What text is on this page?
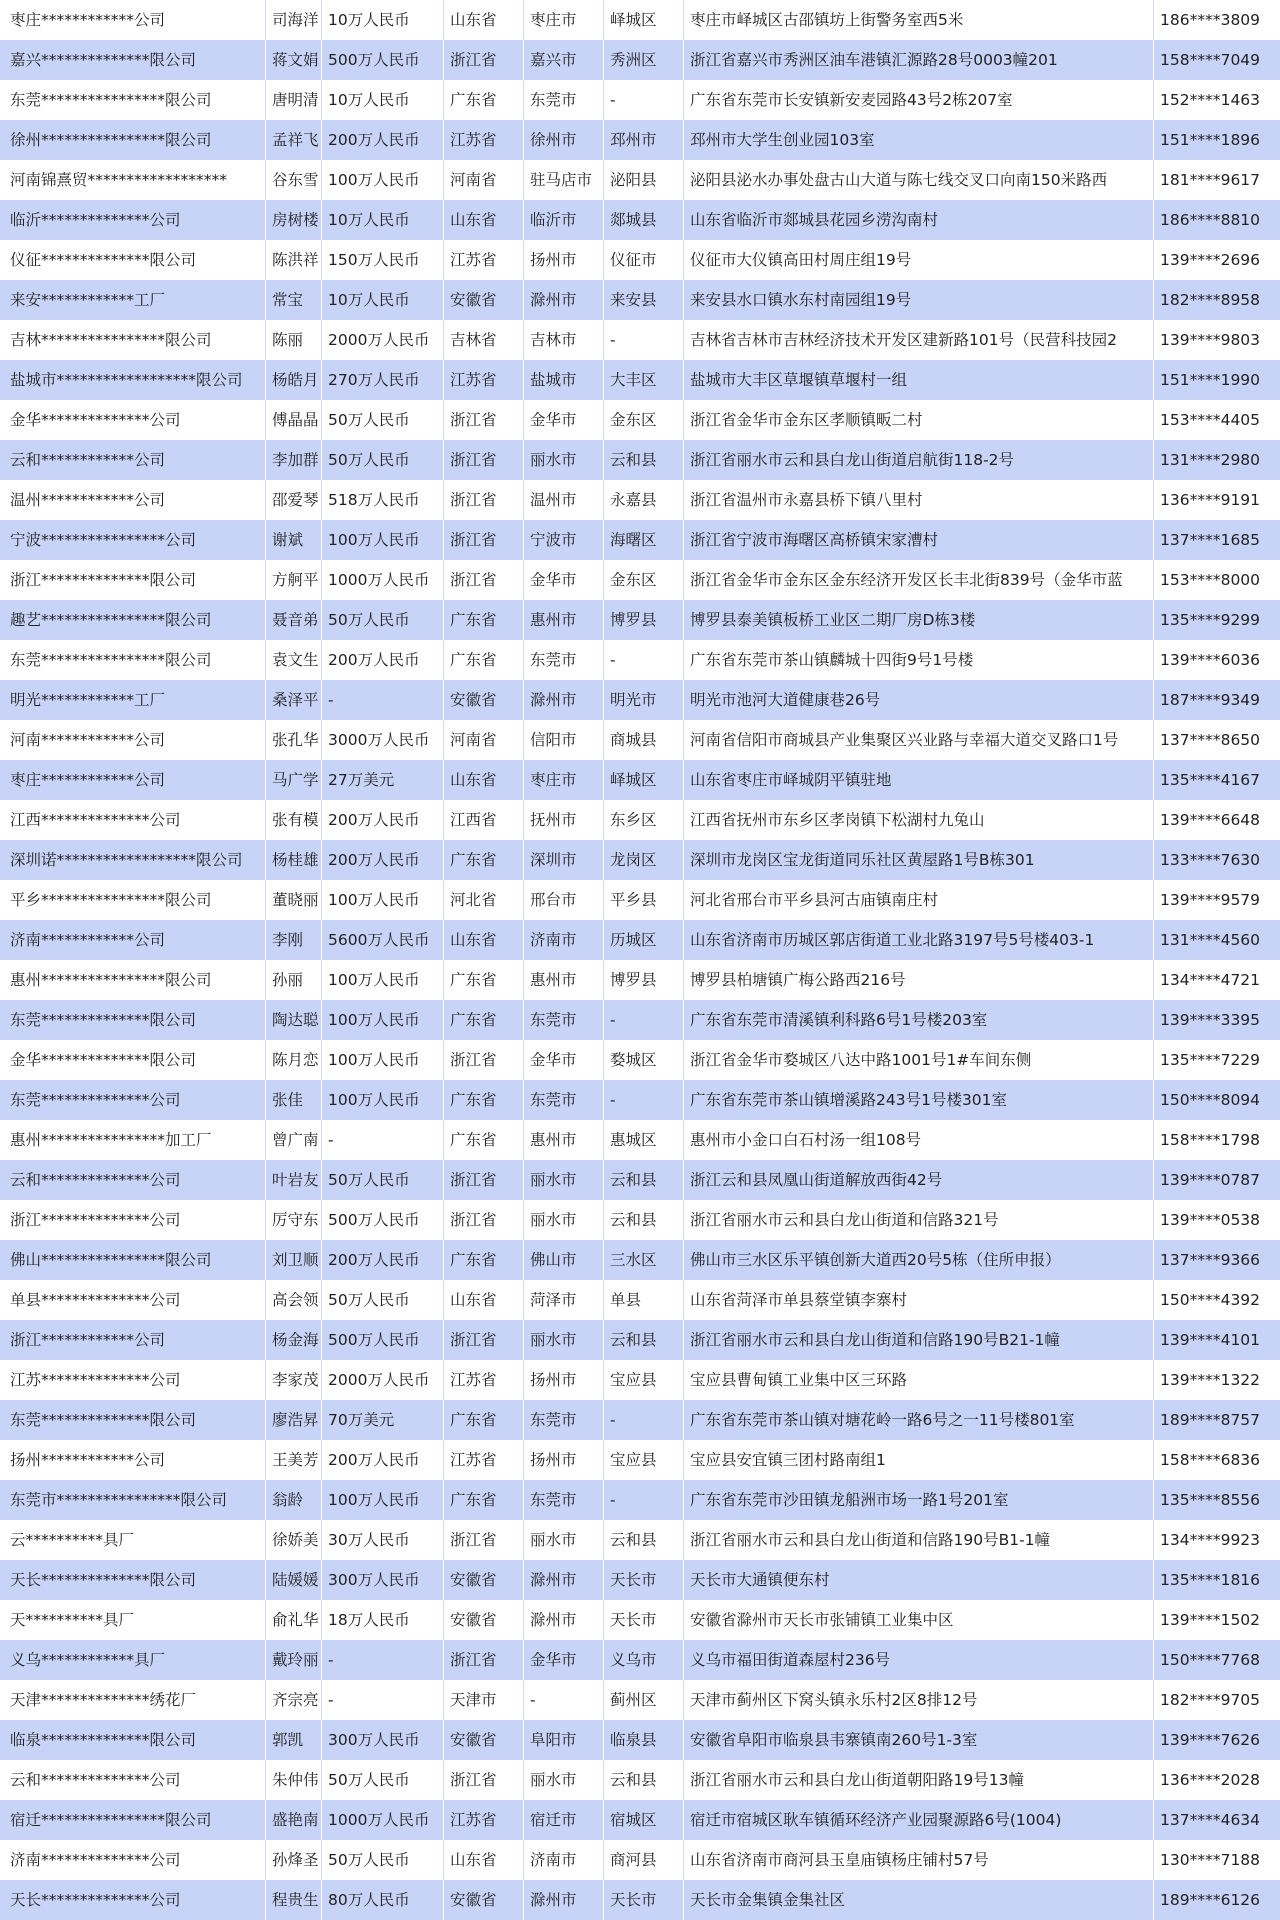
枣庄************公司	司海洋 10万人民币	山东省	枣庄市	峄城区	枣庄市峄城区古邵镇坊上街警务室西5米	186****3809
嘉兴**************限公司	蒋文娟 500万人民币	浙江省	嘉兴市	秀洲区	浙江省嘉兴市秀洲区油车港镇汇源路28号0003幢201	158****7049
东莞****************限公司	唐明清 10万人民币	广东省	东莞市	-	广东省东莞市长安镇新安麦园路43号2栋207室	152****1463
徐州****************限公司	孟祥飞 200万人民币	江苏省	徐州市	邳州市	邳州市大学生创业园103室	151****1896
河南锦熹贸******************	谷东雪 100万人民币	河南省	驻马店市	泌阳县	泌阳县泌水办事处盘古山大道与陈七线交叉口向南150米路西	181****9617
临沂**************公司	房树楼 10万人民币	山东省	临沂市	郯城县	山东省临沂市郯城县花园乡涝沟南村	186****8810
仪征**************限公司	陈洪祥 150万人民币	江苏省	扬州市	仪征市	仪征市大仪镇高田村周庄组19号	139****2696
来安************工厂	常宝	10万人民币	安徽省	滁州市	来安县	来安县水口镇水东村南园组19号	182****8958
吉林****************限公司	陈丽	2000万人民币	吉林省	吉林市	-	吉林省吉林市吉林经济技术开发区建新路101号（民营科技园2	139****9803
盐城市******************限公司	杨皓月 270万人民币	江苏省	盐城市	大丰区	盐城市大丰区草堰镇草堰村一组	151****1990
金华**************公司	傅晶晶 50万人民币	浙江省	金华市	金东区	浙江省金华市金东区孝顺镇畈二村	153****4405
云和************公司	李加群 50万人民币	浙江省	丽水市	云和县	浙江省丽水市云和县白龙山街道启航街118-2号	131****2980
温州************公司	邵爱琴 518万人民币	浙江省	温州市	永嘉县	浙江省温州市永嘉县桥下镇八里村	136****9191
宁波****************公司	谢斌	100万人民币	浙江省	宁波市	海曙区	浙江省宁波市海曙区高桥镇宋家漕村	137****1685
浙江**************限公司	方舸平 1000万人民币	浙江省	金华市	金东区	浙江省金华市金东区金东经济开发区长丰北街839号（金华市蓝	153****8000
趣艺****************限公司	聂音弟 50万人民币	广东省	惠州市	博罗县	博罗县泰美镇板桥工业区二期厂房D栋3楼	135****9299
东莞****************限公司	袁文生 200万人民币	广东省	东莞市	-	广东省东莞市茶山镇麟城十四街9号1号楼	139****6036
明光************工厂	桑泽平 -	安徽省	滁州市	明光市	明光市池河大道健康巷26号	187****9349
河南************公司	张孔华 3000万人民币	河南省	信阳市	商城县	河南省信阳市商城县产业集聚区兴业路与幸福大道交叉路口1号	137****8650
枣庄************公司	马广学 27万美元	山东省	枣庄市	峄城区	山东省枣庄市峄城阴平镇驻地	135****4167
江西**************公司	张有模 200万人民币	江西省	抚州市	东乡区	江西省抚州市东乡区孝岗镇下松湖村九兔山	139****6648
深圳诺******************限公司	杨桂雄 200万人民币	广东省	深圳市	龙岗区	深圳市龙岗区宝龙街道同乐社区黄屋路1号B栋301	133****7630
平乡****************限公司	董晓丽 100万人民币	河北省	邢台市	平乡县	河北省邢台市平乡县河古庙镇南庄村	139****9579
济南************公司	李刚	5600万人民币	山东省	济南市	历城区	山东省济南市历城区郭店街道工业北路3197号5号楼403-1	131****4560
惠州****************限公司	孙丽	100万人民币	广东省	惠州市	博罗县	博罗县柏塘镇广梅公路西216号	134****4721
东莞**************限公司	陶达聪 100万人民币	广东省	东莞市	-	广东省东莞市清溪镇利科路6号1号楼203室	139****3395
金华**************限公司	陈月恋 100万人民币	浙江省	金华市	婺城区	浙江省金华市婺城区八达中路1001号1#车间东侧	135****7229
东莞**************公司	张佳	100万人民币	广东省	东莞市	-	广东省东莞市茶山镇增溪路243号1号楼301室	150****8094
惠州****************加工厂	曾广南 -	广东省	惠州市	惠城区	惠州市小金口白石村汤一组108号	158****1798
云和**************公司	叶岩友 50万人民币	浙江省	丽水市	云和县	浙江云和县凤凰山街道解放西街42号	139****0787
浙江**************公司	厉守东 500万人民币	浙江省	丽水市	云和县	浙江省丽水市云和县白龙山街道和信路321号	139****0538
佛山****************限公司	刘卫顺 200万人民币	广东省	佛山市	三水区	佛山市三水区乐平镇创新大道西20号5栋（住所申报）	137****9366
单县**************公司	高会领 50万人民币	山东省	菏泽市	单县	山东省菏泽市单县蔡堂镇李寨村	150****4392
浙江************公司	杨金海 500万人民币	浙江省	丽水市	云和县	浙江省丽水市云和县白龙山街道和信路190号B21-1幢	139****4101
江苏**************公司	李家茂 2000万人民币	江苏省	扬州市	宝应县	宝应县曹甸镇工业集中区三环路	139****1322
东莞**************限公司	廖浩昇 70万美元	广东省	东莞市	-	广东省东莞市茶山镇对塘花岭一路6号之一11号楼801室	189****8757
扬州************公司	王美芳 200万人民币	江苏省	扬州市	宝应县	宝应县安宜镇三团村路南组1	158****6836
东莞市****************限公司	翁龄	100万人民币	广东省	东莞市	-	广东省东莞市沙田镇龙船洲市场一路1号201室	135****8556
云**********具厂	徐娇美 30万人民币	浙江省	丽水市	云和县	浙江省丽水市云和县白龙山街道和信路190号B1-1幢	134****9923
天长**************限公司	陆媛媛 300万人民币	安徽省	滁州市	天长市	天长市大通镇便东村	135****1816
天**********具厂	俞礼华 18万人民币	安徽省	滁州市	天长市	安徽省滁州市天长市张铺镇工业集中区	139****1502
义乌************具厂	戴玲丽 -	浙江省	金华市	义乌市	义乌市福田街道森屋村236号	150****7768
天津**************绣花厂	齐宗亮 -	天津市	-	蓟州区	天津市蓟州区下窝头镇永乐村2区8排12号	182****9705
临泉**************限公司	郭凯	300万人民币	安徽省	阜阳市	临泉县	安徽省阜阳市临泉县韦寨镇南260号1-3室	139****7626
云和**************公司	朱仲伟 50万人民币	浙江省	丽水市	云和县	浙江省丽水市云和县白龙山街道朝阳路19号13幢	136****2028
宿迁****************限公司	盛艳南 1000万人民币	江苏省	宿迁市	宿城区	宿迁市宿城区耿车镇循环经济产业园聚源路6号(1004)	137****4634
济南**************公司	孙烽圣 50万人民币	山东省	济南市	商河县	山东省济南市商河县玉皇庙镇杨庄铺村57号	130****7188
天长**************公司	程贵生 80万人民币	安徽省	滁州市	天长市	天长市金集镇金集社区	189****6126
